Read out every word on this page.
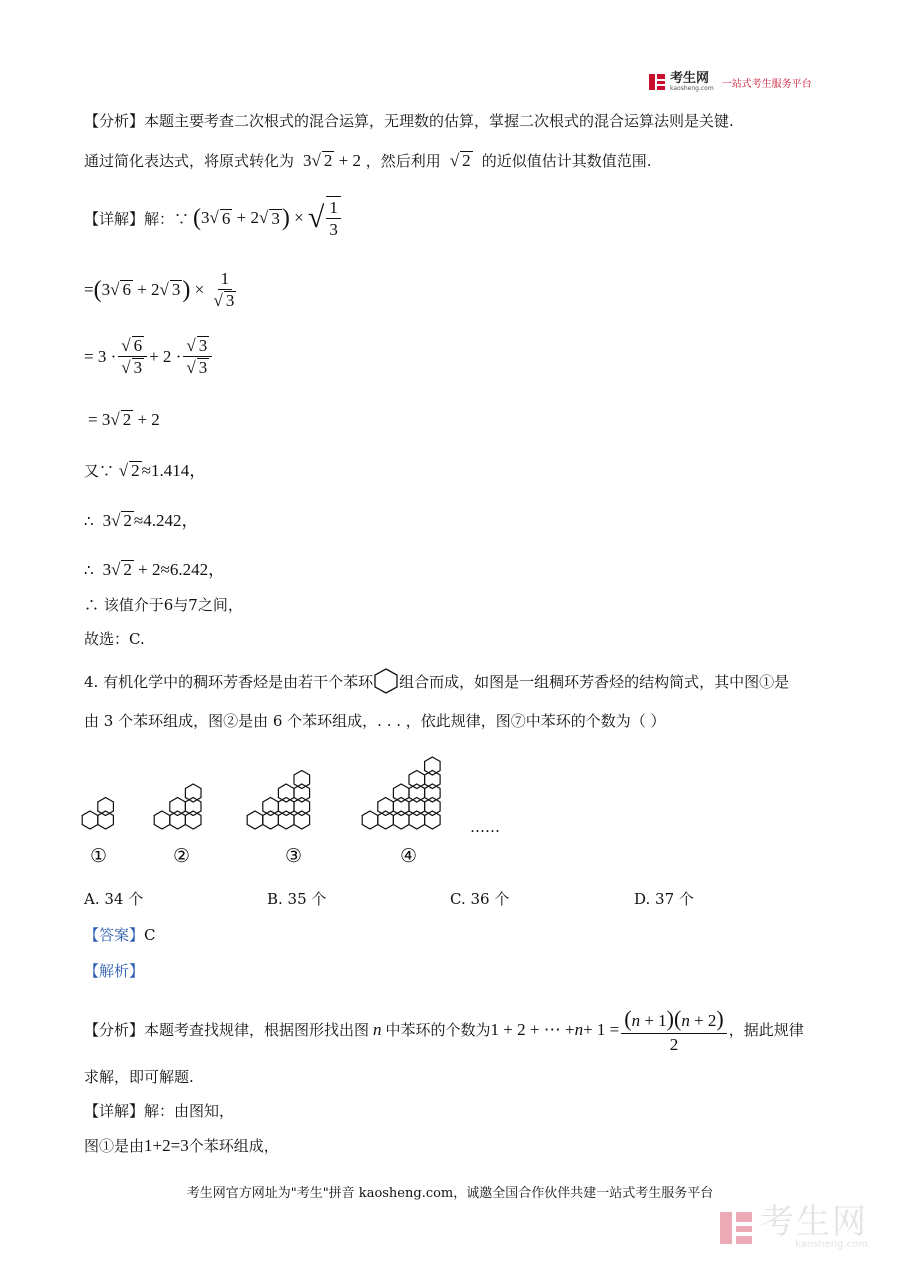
考生网
kaosheng.com 一站式考生服务平台
【分析】本题主要考查二次根式的混合运算，无理数的估算，掌握二次根式的混合运算法则是关键.
通过简化表达式，将原式转化为  3√ 2 + 2 ，然后利用 √ 2 的近似值估计其数值范围.
【详解】 解：∵ ( 3 √ 6 + 2 √ 3 ) × √ $\frac{1}{3}$
= ( 3 √ 6 + 2 √ 3 ) × $\frac{1}{√ 3}$
= $3 \cdot \frac{√ 6}{√ 3} + 2 \cdot \frac{√ 3}{√ 3}$
= 3√ 2 + 2
又∵ √ 2 ≈1.414，
∴  3√ 2 ≈4.242，
∴  3√ 2 + 2≈6.242，
∴ 该值介于6与7之间，
故选：C.
4. 有机化学中的稠环芳香烃是由若干个苯环 组合而成，如图是一组稠环芳香烃的结构简式，其中图①是
由 3 个苯环组成，图②是由 6 个苯环组成，. . . ，依此规律，图⑦中苯环的个数为（ ）
①	②	③	④
……
A. 34 个	B. 35 个	C. 36 个	D. 37 个
【答案】C
【解析】
【分析】 本题考查找规律，根据图形找出图 n 中苯环的个数为 1 + 2 + ⋯ + $n + 1 = \frac{(n + 1)(n + 2)}{2}$ ，据此规律
求解，即可解题.
【详解】解：由图知，
图①是由1+2=3个苯环组成，
考生网官方网址为"考生"拼音 kaosheng.com，诚邀全国合作伙伴共建一站式考生服务平台
考生网
kaosheng.com
